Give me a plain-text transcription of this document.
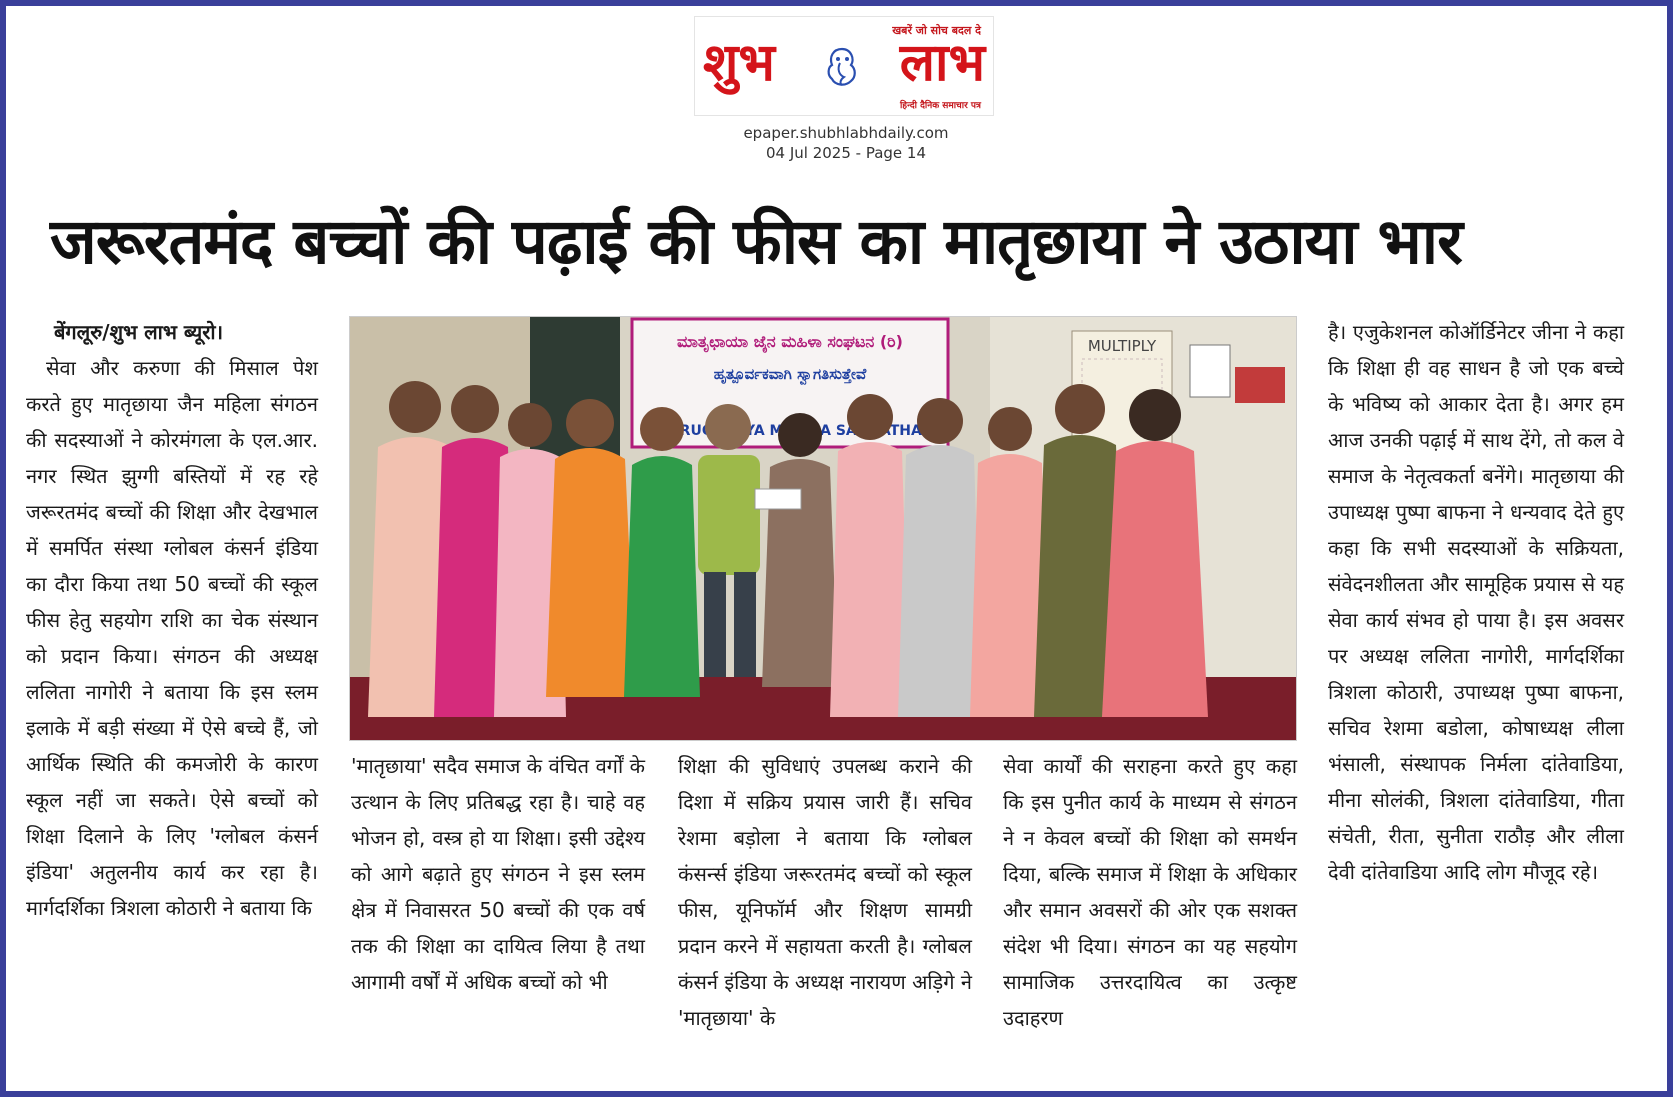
खबरें जो सोच बदल दे
शुभ लाभ
हिन्दी दैनिक समाचार पत्र
epaper.shubhlabhdaily.com
04 Jul 2025 - Page 14
जरूरतमंद बच्चों की पढ़ाई की फीस का मातृछाया ने उठाया भार
बेंगलूरु/शुभ लाभ ब्यूरो।
सेवा और करुणा की मिसाल पेश करते हुए मातृछाया जैन महिला संगठन की सदस्याओं ने कोरमंगला के एल.आर. नगर स्थित झुग्गी बस्तियों में रह रहे जरूरतमंद बच्चों की शिक्षा और देखभाल में समर्पित संस्था ग्लोबल कंसर्न इंडिया का दौरा किया तथा 50 बच्चों की स्कूल फीस हेतु सहयोग राशि का चेक संस्थान को प्रदान किया। संगठन की अध्यक्ष ललिता नागोरी ने बताया कि इस स्लम इलाके में बड़ी संख्या में ऐसे बच्चे हैं, जो आर्थिक स्थिति की कमजोरी के कारण स्कूल नहीं जा सकते। ऐसे बच्चों को शिक्षा दिलाने के लिए 'ग्लोबल कंसर्न इंडिया' अतुलनीय कार्य कर रहा है। मार्गदर्शिका त्रिशला कोठारी ने बताया कि
ಮಾತೃಛಾಯಾ ಜೈನ ಮಹಿಳಾ ಸಂಘಟನ (ರಿ)
ಹೃತ್ಪೂರ್ವಕವಾಗಿ ಸ್ವಾಗತಿಸುತ್ತೇವೆ
MULTIPLY
'मातृछाया' सदैव समाज के वंचित वर्गों के उत्थान के लिए प्रतिबद्ध रहा है। चाहे वह भोजन हो, वस्त्र हो या शिक्षा। इसी उद्देश्य को आगे बढ़ाते हुए संगठन ने इस स्लम क्षेत्र में निवासरत 50 बच्चों की एक वर्ष तक की शिक्षा का दायित्व लिया है तथा आगामी वर्षों में अधिक बच्चों को भी
शिक्षा की सुविधाएं उपलब्ध कराने की दिशा में सक्रिय प्रयास जारी हैं। सचिव रेशमा बड़ोला ने बताया कि ग्लोबल कंसर्न्स इंडिया जरूरतमंद बच्चों को स्कूल फीस, यूनिफॉर्म और शिक्षण सामग्री प्रदान करने में सहायता करती है। ग्लोबल कंसर्न इंडिया के अध्यक्ष नारायण अड़िगे ने 'मातृछाया' के
सेवा कार्यों की सराहना करते हुए कहा कि इस पुनीत कार्य के माध्यम से संगठन ने न केवल बच्चों की शिक्षा को समर्थन दिया, बल्कि समाज में शिक्षा के अधिकार और समान अवसरों की ओर एक सशक्त संदेश भी दिया। संगठन का यह सहयोग सामाजिक उत्तरदायित्व का उत्कृष्ट उदाहरण
है। एजुकेशनल कोऑर्डिनेटर जीना ने कहा कि शिक्षा ही वह साधन है जो एक बच्चे के भविष्य को आकार देता है। अगर हम आज उनकी पढ़ाई में साथ देंगे, तो कल वे समाज के नेतृत्वकर्ता बनेंगे। मातृछाया की उपाध्यक्ष पुष्पा बाफना ने धन्यवाद देते हुए कहा कि सभी सदस्याओं के सक्रियता, संवेदनशीलता और सामूहिक प्रयास से यह सेवा कार्य संभव हो पाया है। इस अवसर पर अध्यक्ष ललिता नागोरी, मार्गदर्शिका त्रिशला कोठारी, उपाध्यक्ष पुष्पा बाफना, सचिव रेशमा बडोला, कोषाध्यक्ष लीला भंसाली, संस्थापक निर्मला दांतेवाडिया, मीना सोलंकी, त्रिशला दांतेवाडिया, गीता संचेती, रीता, सुनीता राठौड़ और लीला देवी दांतेवाडिया आदि लोग मौजूद रहे।
